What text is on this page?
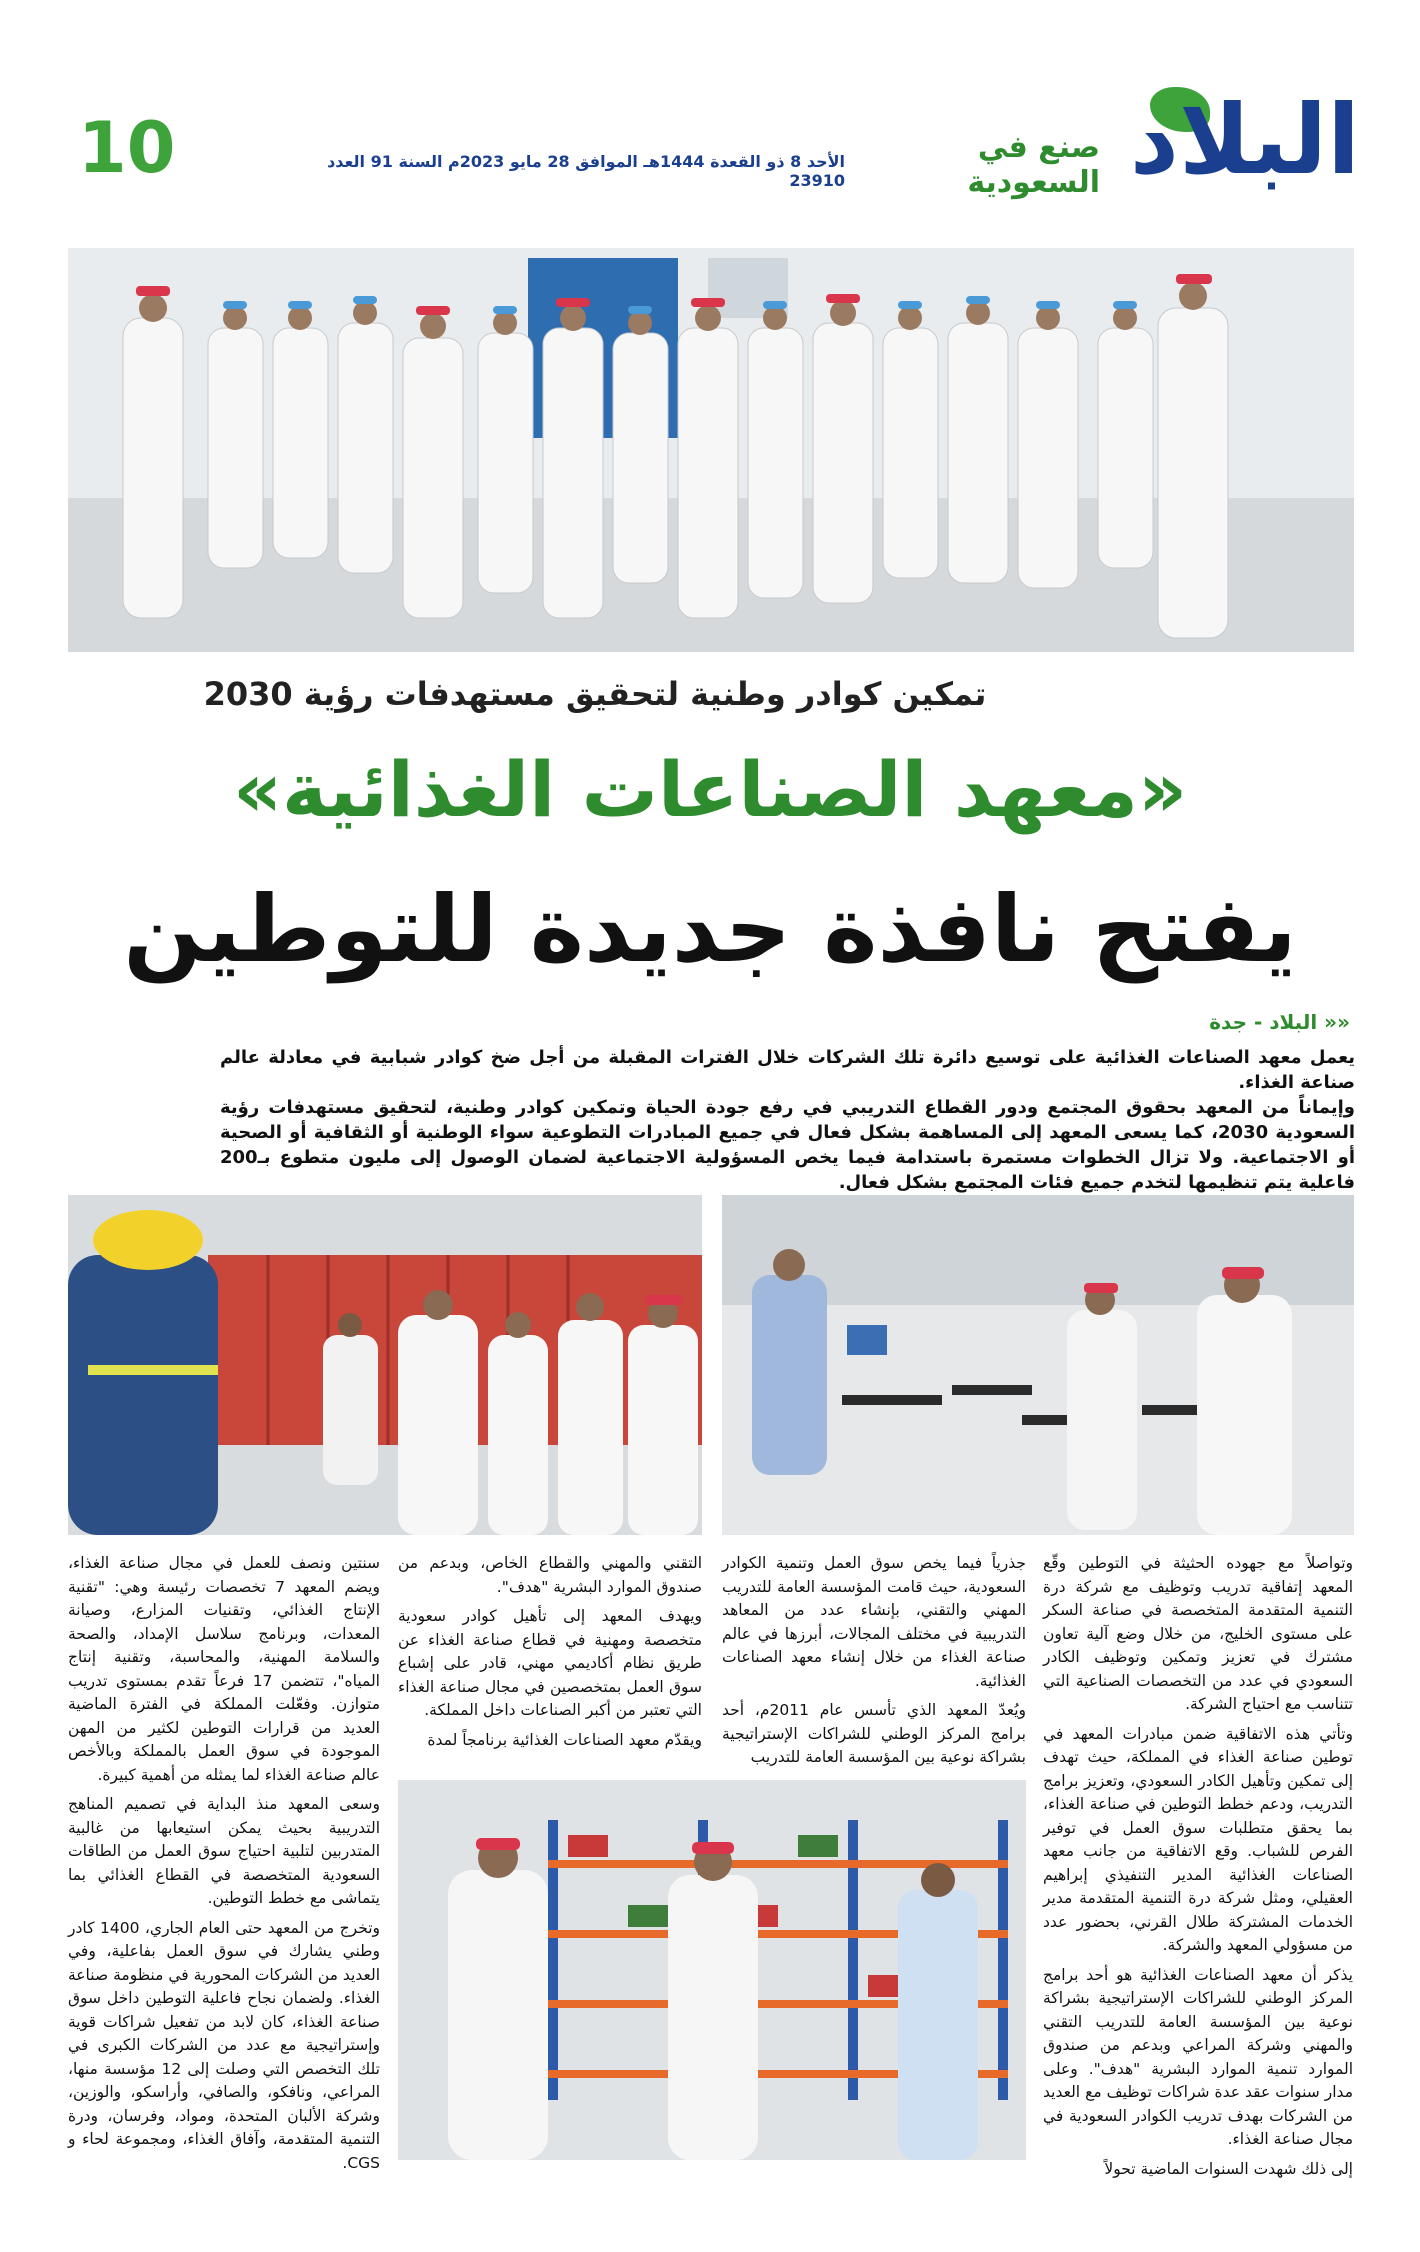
البلاد
صنع في السعودية
الأحد 8 ذو القعدة 1444هـ الموافق 28 مايو 2023م السنة 91 العدد 23910
10
تمكين كوادر وطنية لتحقيق مستهدفات رؤية 2030
«معهد الصناعات الغذائية»
يفتح نافذة جديدة للتوطين
«« البلاد - جدة

يعمل معهد الصناعات الغذائية على توسيع دائرة تلك الشركات خلال الفترات المقبلة من أجل ضخ كوادر شبابية في معادلة عالم صناعة الغذاء.

وإيماناً من المعهد بحقوق المجتمع ودور القطاع التدريبي في رفع جودة الحياة وتمكين كوادر وطنية، لتحقيق مستهدفات رؤية السعودية 2030، كما يسعى المعهد إلى المساهمة بشكل فعال في جميع المبادرات التطوعية سواء الوطنية أو الثقافية أو الصحية أو الاجتماعية. ولا تزال الخطوات مستمرة باستدامة فيما يخص المسؤولية الاجتماعية لضمان الوصول إلى مليون متطوع بـ200 فاعلية يتم تنظيمها لتخدم جميع فئات المجتمع بشكل فعال.

وتواصلاً مع جهوده الحثيثة في التوطين وقّع المعهد إتفاقية تدريب وتوظيف مع شركة درة التنمية المتقدمة المتخصصة في صناعة السكر على مستوى الخليج، من خلال وضع آلية تعاون مشترك في تعزيز وتمكين وتوظيف الكادر السعودي في عدد من التخصصات الصناعية التي تتناسب مع احتياج الشركة.

وتأتي هذه الاتفاقية ضمن مبادرات المعهد في توطين صناعة الغذاء في المملكة، حيث تهدف إلى تمكين وتأهيل الكادر السعودي، وتعزيز برامج التدريب، ودعم خطط التوطين في صناعة الغذاء، بما يحقق متطلبات سوق العمل في توفير الفرص للشباب. وقع الاتفاقية من جانب معهد الصناعات الغذائية المدير التنفيذي إبراهيم العقيلي، ومثل شركة درة التنمية المتقدمة مدير الخدمات المشتركة طلال القرني، بحضور عدد من مسؤولي المعهد والشركة.

يذكر أن معهد الصناعات الغذائية هو أحد برامج المركز الوطني للشراكات الإستراتيجية بشراكة نوعية بين المؤسسة العامة للتدريب التقني والمهني وشركة المراعي وبدعم من صندوق الموارد تنمية الموارد البشرية "هدف". وعلى مدار سنوات عقد عدة شراكات توظيف مع العديد من الشركات بهدف تدريب الكوادر السعودية في مجال صناعة الغذاء.

إلى ذلك شهدت السنوات الماضية تحولاً

جذرياً فيما يخص سوق العمل وتنمية الكوادر السعودية، حيث قامت المؤسسة العامة للتدريب المهني والتقني، بإنشاء عدد من المعاهد التدريبية في مختلف المجالات، أبرزها في عالم صناعة الغذاء من خلال إنشاء معهد الصناعات الغذائية.

ويُعدّ المعهد الذي تأسس عام 2011م، أحد برامج المركز الوطني للشراكات الإستراتيجية بشراكة نوعية بين المؤسسة العامة للتدريب

التقني والمهني والقطاع الخاص، وبدعم من صندوق الموارد البشرية "هدف".

ويهدف المعهد إلى تأهيل كوادر سعودية متخصصة ومهنية في قطاع صناعة الغذاء عن طريق نظام أكاديمي مهني، قادر على إشباع سوق العمل بمتخصصين في مجال صناعة الغذاء التي تعتبر من أكبر الصناعات داخل المملكة.

ويقدّم معهد الصناعات الغذائية برنامجاً لمدة

سنتين ونصف للعمل في مجال صناعة الغذاء، ويضم المعهد 7 تخصصات رئيسة وهي: "تقنية الإنتاج الغذائي، وتقنيات المزارع، وصيانة المعدات، وبرنامج سلاسل الإمداد، والصحة والسلامة المهنية، والمحاسبة، وتقنية إنتاج المياه"، تتضمن 17 فرعاً تقدم بمستوى تدريب متوازن. وفعّلت المملكة في الفترة الماضية العديد من قرارات التوطين لكثير من المهن الموجودة في سوق العمل بالمملكة وبالأخص عالم صناعة الغذاء لما يمثله من أهمية كبيرة.

وسعى المعهد منذ البداية في تصميم المناهج التدريبية بحيث يمكن استيعابها من غالبية المتدربين لتلبية احتياج سوق العمل من الطاقات السعودية المتخصصة في القطاع الغذائي بما يتماشى مع خطط التوطين.

وتخرج من المعهد حتى العام الجاري، 1400 كادر وطني يشارك في سوق العمل بفاعلية، وفي العديد من الشركات المحورية في منظومة صناعة الغذاء. ولضمان نجاح فاعلية التوطين داخل سوق صناعة الغذاء، كان لابد من تفعيل شراكات قوية وإستراتيجية مع عدد من الشركات الكبرى في تلك التخصص التي وصلت إلى 12 مؤسسة منها، المراعي، ونافكو، والصافي، وأراسكو، والوزين، وشركة الألبان المتحدة، ومواد، وفرسان، ودرة التنمية المتقدمة، وآفاق الغذاء، ومجموعة لحاء و CGS.
